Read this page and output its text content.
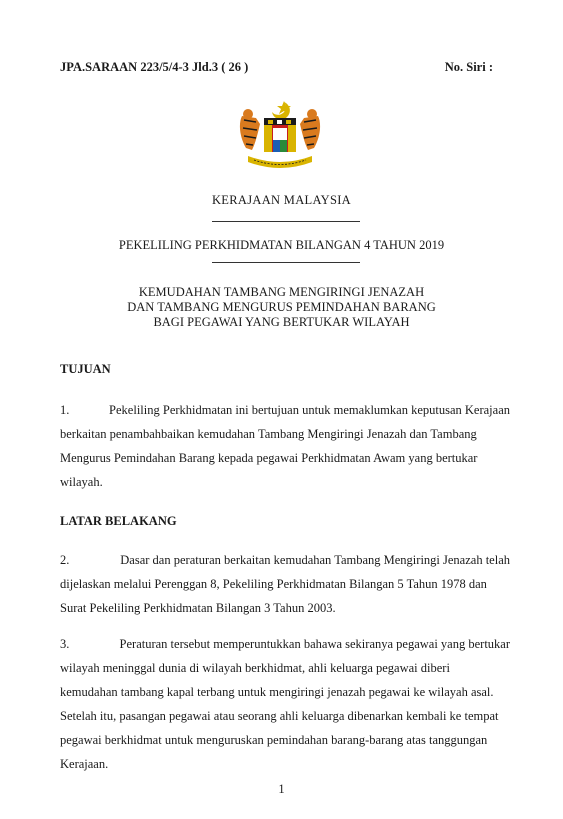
JPA.SARAAN 223/5/4-3 Jld.3 ( 26 )	No. Siri :
KERAJAAN MALAYSIA
PEKELILING PERKHIDMATAN BILANGAN 4 TAHUN 2019
KEMUDAHAN TAMBANG MENGIRINGI JENAZAH
DAN TAMBANG MENGURUS PEMINDAHAN BARANG
BAGI PEGAWAI YANG BERTUKAR WILAYAH
TUJUAN
1.	Pekeliling Perkhidmatan ini bertujuan untuk memaklumkan keputusan Kerajaan
berkaitan penambahbaikan kemudahan Tambang Mengiringi Jenazah dan Tambang
Mengurus Pemindahan Barang kepada pegawai Perkhidmatan Awam yang bertukar
wilayah.
LATAR BELAKANG
2.	Dasar dan peraturan berkaitan kemudahan Tambang Mengiringi Jenazah telah
dijelaskan melalui Perenggan 8, Pekeliling Perkhidmatan Bilangan 5 Tahun 1978 dan
Surat Pekeliling Perkhidmatan Bilangan 3 Tahun 2003.
3.	Peraturan tersebut memperuntukkan bahawa sekiranya pegawai yang bertukar
wilayah meninggal dunia di wilayah berkhidmat, ahli keluarga pegawai diberi
kemudahan tambang kapal terbang untuk mengiringi jenazah pegawai ke wilayah asal.
Setelah itu, pasangan pegawai atau seorang ahli keluarga dibenarkan kembali ke tempat
pegawai berkhidmat untuk menguruskan pemindahan barang-barang atas tanggungan
Kerajaan.
1
